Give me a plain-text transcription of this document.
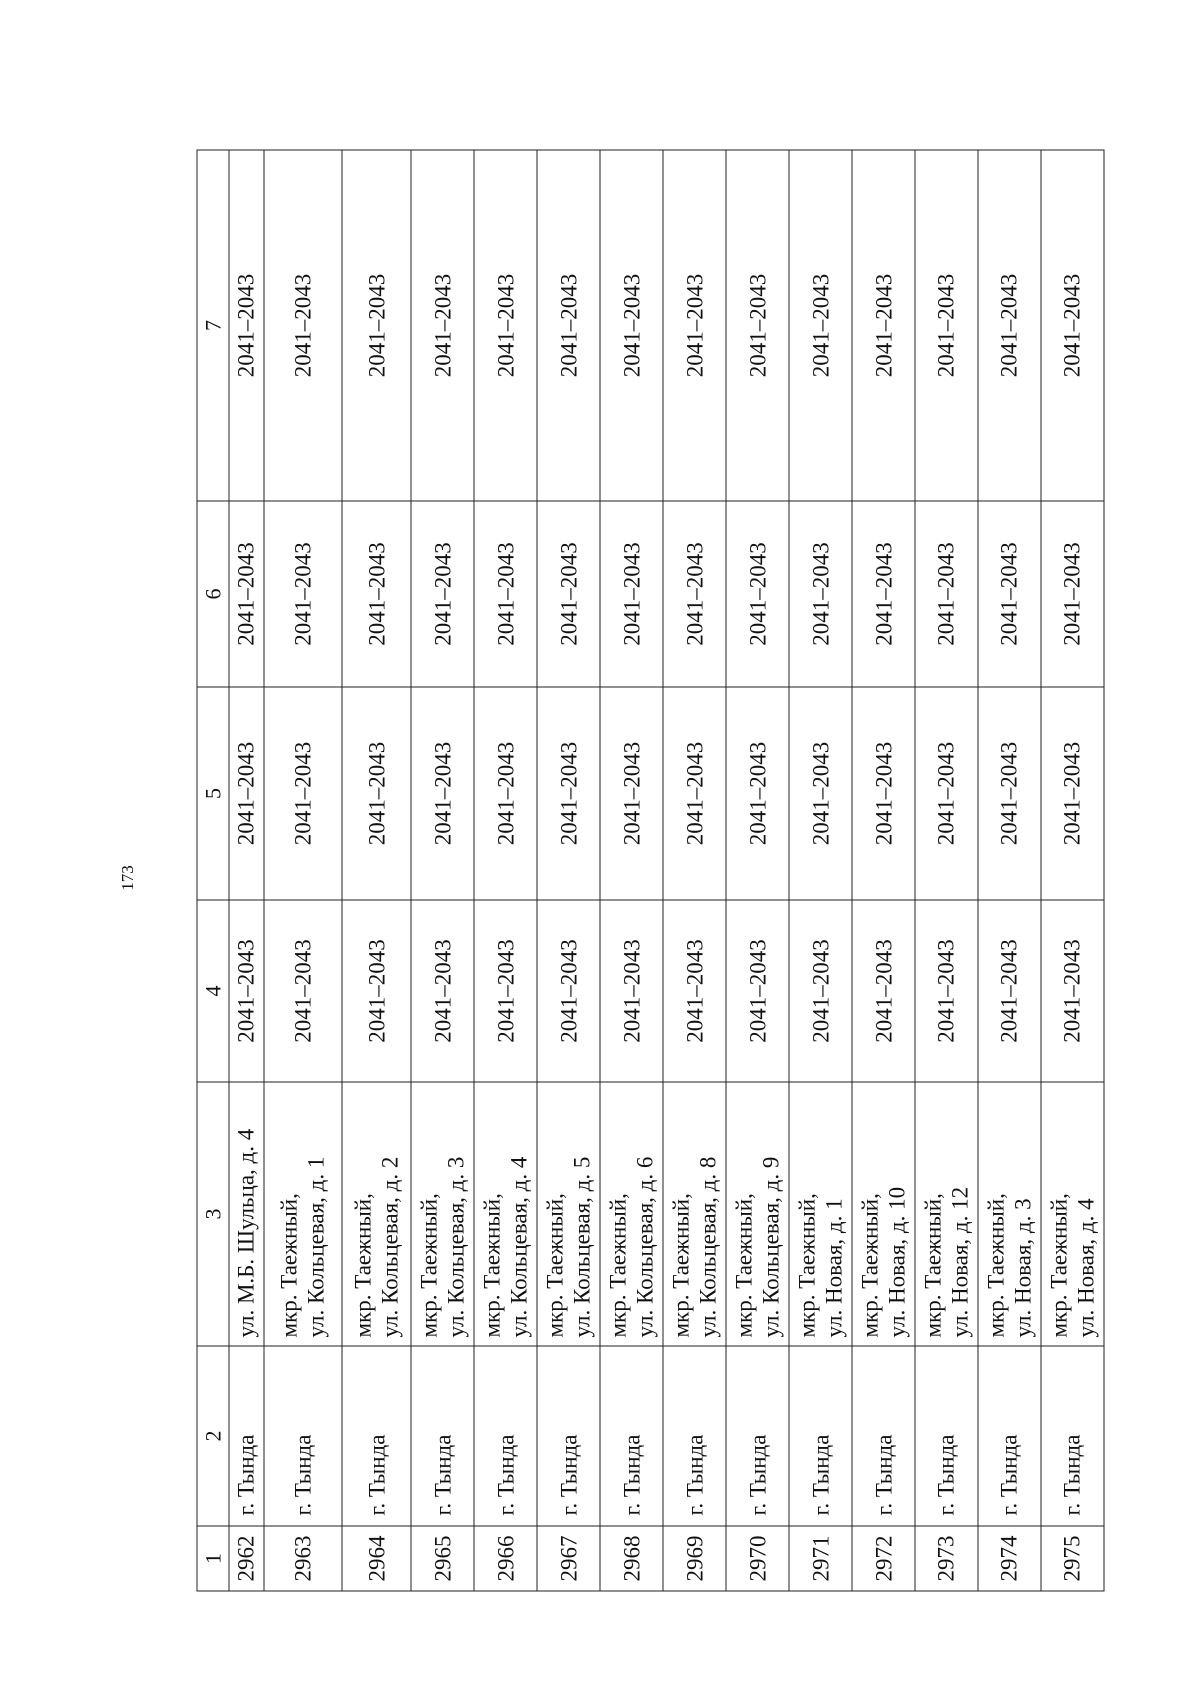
173
1	2	3	4	5	6	7
2962	г. Тында	ул. М.Б. Шульца, д. 4	2041–2043	2041–2043	2041–2043	2041–2043
2963	г. Тында	мкр. Таежный, ул. Кольцевая, д. 1	2041–2043	2041–2043	2041–2043	2041–2043
2964	г. Тында	мкр. Таежный, ул. Кольцевая, д. 2	2041–2043	2041–2043	2041–2043	2041–2043
2965	г. Тында	мкр. Таежный, ул. Кольцевая, д. 3	2041–2043	2041–2043	2041–2043	2041–2043
2966	г. Тында	мкр. Таежный, ул. Кольцевая, д. 4	2041–2043	2041–2043	2041–2043	2041–2043
2967	г. Тында	мкр. Таежный, ул. Кольцевая, д. 5	2041–2043	2041–2043	2041–2043	2041–2043
2968	г. Тында	мкр. Таежный, ул. Кольцевая, д. 6	2041–2043	2041–2043	2041–2043	2041–2043
2969	г. Тында	мкр. Таежный, ул. Кольцевая, д. 8	2041–2043	2041–2043	2041–2043	2041–2043
2970	г. Тында	мкр. Таежный, ул. Кольцевая, д. 9	2041–2043	2041–2043	2041–2043	2041–2043
2971	г. Тында	мкр. Таежный, ул. Новая, д. 1	2041–2043	2041–2043	2041–2043	2041–2043
2972	г. Тында	мкр. Таежный, ул. Новая, д. 10	2041–2043	2041–2043	2041–2043	2041–2043
2973	г. Тында	мкр. Таежный, ул. Новая, д. 12	2041–2043	2041–2043	2041–2043	2041–2043
2974	г. Тында	мкр. Таежный, ул. Новая, д. 3	2041–2043	2041–2043	2041–2043	2041–2043
2975	г. Тында	мкр. Таежный, ул. Новая, д. 4	2041–2043	2041–2043	2041–2043	2041–2043
